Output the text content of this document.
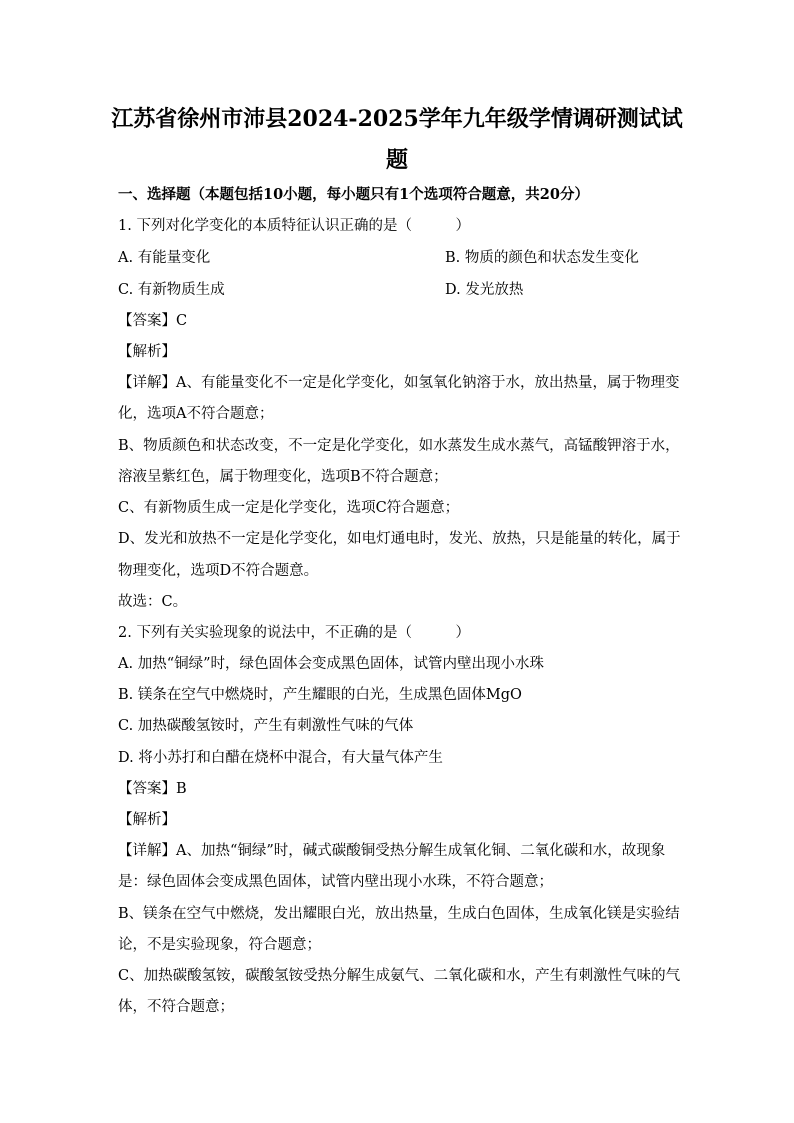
江苏省徐州市沛县2024-2025学年九年级学情调研测试试
题
一、选择题（本题包括10小题，每小题只有1个选项符合题意，共20分）
1. 下列对化学变化的本质特征认识正确的是（　　　）
A. 有能量变化	B. 物质的颜色和状态发生变化
C. 有新物质生成	D. 发光放热
【答案】C
【解析】
【详解】A、有能量变化不一定是化学变化，如氢氧化钠溶于水，放出热量，属于物理变
化，选项A不符合题意；
B、物质颜色和状态改变，不一定是化学变化，如水蒸发生成水蒸气，高锰酸钾溶于水，
溶液呈紫红色，属于物理变化，选项B不符合题意；
C、有新物质生成一定是化学变化，选项C符合题意；
D、发光和放热不一定是化学变化，如电灯通电时，发光、放热，只是能量的转化，属于
物理变化，选项D不符合题意。
故选：C。
2. 下列有关实验现象的说法中，不正确的是（　　　）
A. 加热“铜绿”时，绿色固体会变成黑色固体，试管内壁出现小水珠
B. 镁条在空气中燃烧时，产生耀眼的白光，生成黑色固体MgO
C. 加热碳酸氢铵时，产生有刺激性气味的气体
D. 将小苏打和白醋在烧杯中混合，有大量气体产生
【答案】B
【解析】
【详解】A、加热“铜绿”时，碱式碳酸铜受热分解生成氧化铜、二氧化碳和水，故现象
是：绿色固体会变成黑色固体，试管内壁出现小水珠，不符合题意；
B、镁条在空气中燃烧，发出耀眼白光，放出热量，生成白色固体，生成氧化镁是实验结
论，不是实验现象，符合题意；
C、加热碳酸氢铵，碳酸氢铵受热分解生成氨气、二氧化碳和水，产生有刺激性气味的气
体，不符合题意；
